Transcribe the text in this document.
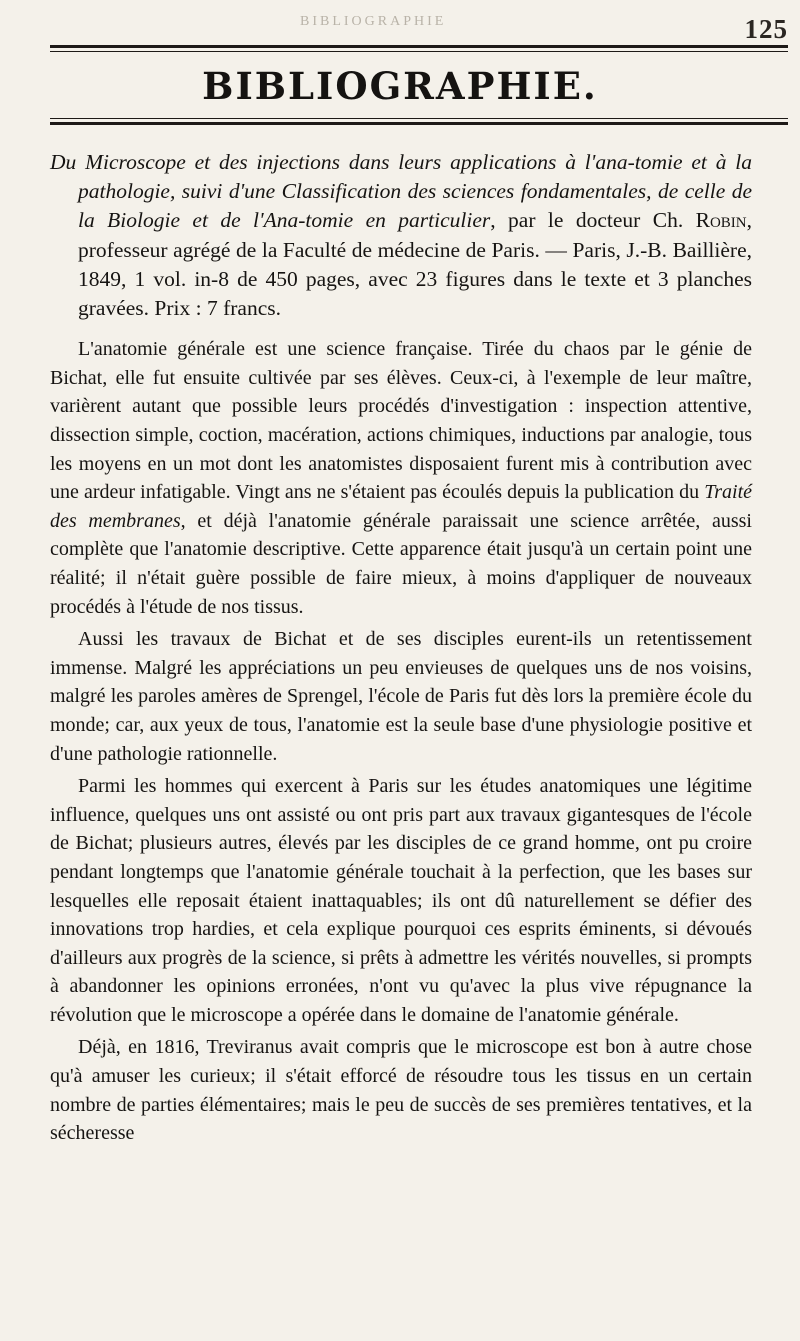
BIBLIOGRAPHIE	125
BIBLIOGRAPHIE.

Du Microscope et des injections dans leurs applications à l'ana-tomie et à la pathologie, suivi d'une Classification des sciences fondamentales, de celle de la Biologie et de l'Ana-tomie en particulier, par le docteur Ch. Robin, professeur agrégé de la Faculté de médecine de Paris. — Paris, J.-B. Baillière, 1849, 1 vol. in-8 de 450 pages, avec 23 figures dans le texte et 3 planches gravées. Prix : 7 francs.

L'anatomie générale est une science française. Tirée du chaos par le génie de Bichat, elle fut ensuite cultivée par ses élèves. Ceux-ci, à l'exemple de leur maître, varièrent autant que possible leurs procédés d'investigation : inspection attentive, dissection simple, coction, macération, actions chimiques, inductions par analogie, tous les moyens en un mot dont les anatomistes disposaient furent mis à contribution avec une ardeur infatigable. Vingt ans ne s'étaient pas écoulés depuis la publication du Traité des membranes, et déjà l'anatomie générale paraissait une science arrêtée, aussi complète que l'anatomie descriptive. Cette apparence était jusqu'à un certain point une réalité; il n'était guère possible de faire mieux, à moins d'appliquer de nouveaux procédés à l'étude de nos tissus.

Aussi les travaux de Bichat et de ses disciples eurent-ils un retentissement immense. Malgré les appréciations un peu envieuses de quelques uns de nos voisins, malgré les paroles amères de Sprengel, l'école de Paris fut dès lors la première école du monde; car, aux yeux de tous, l'anatomie est la seule base d'une physiologie positive et d'une pathologie rationnelle.

Parmi les hommes qui exercent à Paris sur les études anatomiques une légitime influence, quelques uns ont assisté ou ont pris part aux travaux gigantesques de l'école de Bichat; plusieurs autres, élevés par les disciples de ce grand homme, ont pu croire pendant longtemps que l'anatomie générale touchait à la perfection, que les bases sur lesquelles elle reposait étaient inattaquables; ils ont dû naturellement se défier des innovations trop hardies, et cela explique pourquoi ces esprits éminents, si dévoués d'ailleurs aux progrès de la science, si prêts à admettre les vérités nouvelles, si prompts à abandonner les opinions erronées, n'ont vu qu'avec la plus vive répugnance la révolution que le microscope a opérée dans le domaine de l'anatomie générale.

Déjà, en 1816, Treviranus avait compris que le microscope est bon à autre chose qu'à amuser les curieux; il s'était efforcé de résoudre tous les tissus en un certain nombre de parties élémentaires; mais le peu de succès de ses premières tentatives, et la sécheresse
